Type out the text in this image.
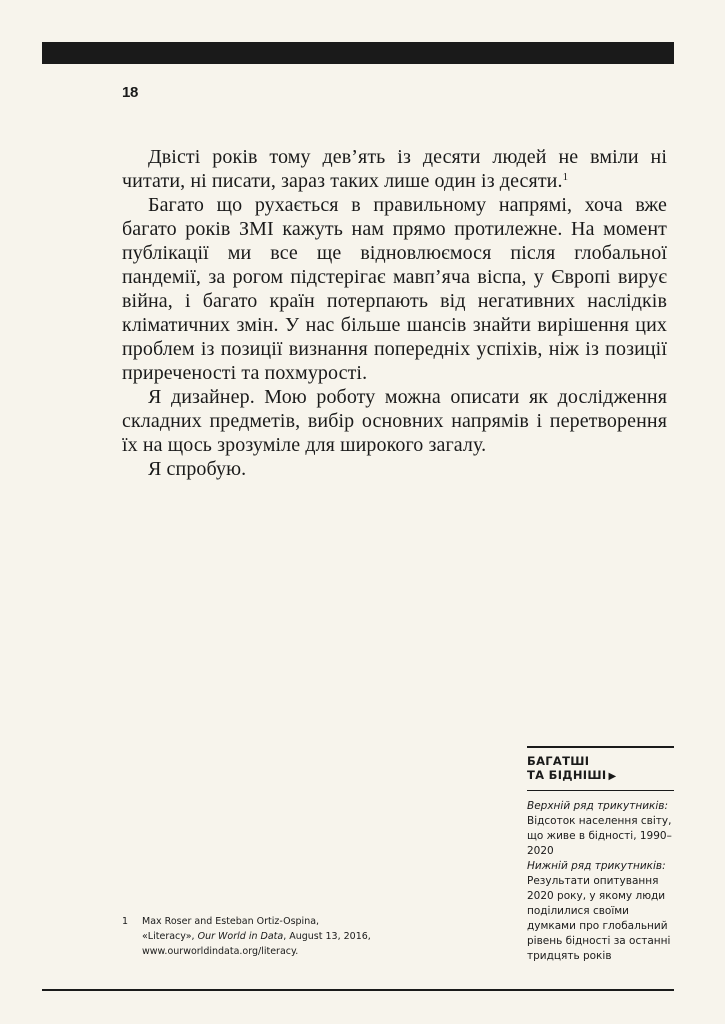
18

Двісті років тому дев’ять із десяти людей не вміли ні читати, ні писати, зараз таких лише один із десяти.$^1$

Багато що рухається в правильному напрямі, хоча вже багато років ЗМІ кажуть нам прямо протилежне. На момент публікації ми все ще відновлюємося після глобальної пандемії, за рогом підстерігає мавп’яча віспа, у Європі вирує війна, і багато країн потерпають від негативних наслідків кліматичних змін. У нас більше шансів знайти вирішення цих проблем із позиції визнання попередніх успіхів, ніж із позиції приреченості та похмурості.

Я дизайнер. Мою роботу можна описати як дослідження складних предметів, вибір основних напрямів і перетворення їх на щось зрозуміле для широкого загалу.

Я спробую.

БАГАТШІ
ТА БІДНІШІ ▶
Верхній ряд трикутників:
Відсоток населення світу, що живе в бідності, 1990–2020
Нижній ряд трикутників:
Результати опитування 2020 року, у якому люди поділилися своїми думками про глобальний рівень бідності за останні тридцять років
1 Max Roser and Esteban Ortiz-Ospina,
«Literacy», Our World in Data, August 13, 2016,
www.ourworldindata.org/literacy.
